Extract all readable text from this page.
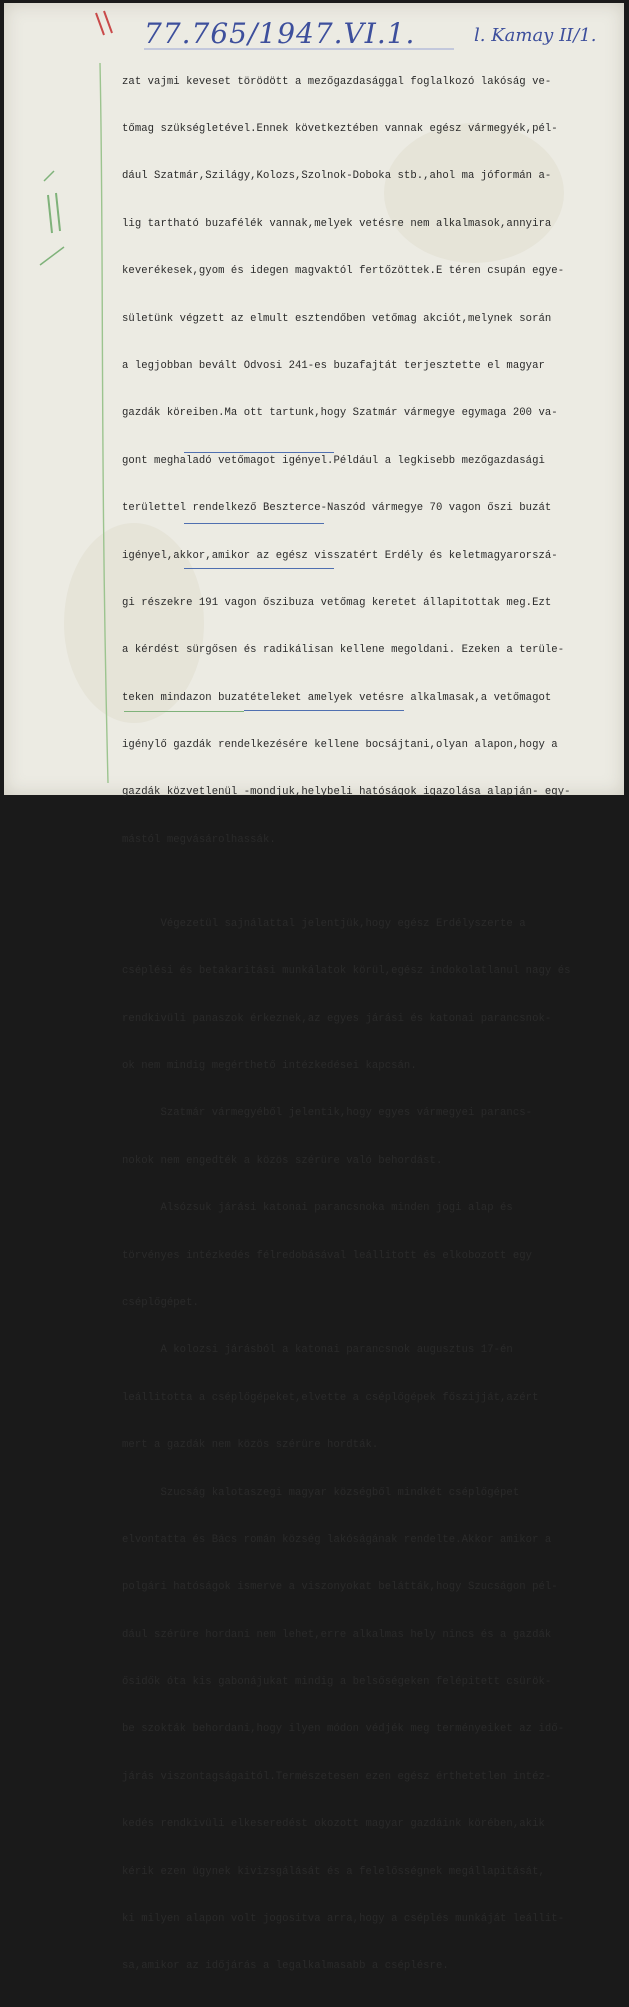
77.765/1947.VI.1.	l. Kamay II/1.

zat vajmi keveset törödött a mezőgazdasággal foglalkozó lakóság ve-

tőmag szükségletével.Ennek következtében vannak egész vármegyék,pél-

dául Szatmár,Szilágy,Kolozs,Szolnok-Doboka stb.,ahol ma jóformán a-

lig tartható buzafélék vannak,melyek vetésre nem alkalmasok,annyira

keverékesek,gyom és idegen magvaktól fertőzöttek.E téren csupán egye-

sületünk végzett az elmult esztendőben vetőmag akciót,melynek során

a legjobban bevált Odvosi 241-es buzafajtát terjesztette el magyar

gazdák köreiben.Ma ott tartunk,hogy Szatmár vármegye egymaga 200 va-

gont meghaladó vetőmagot igényel.Például a legkisebb mezőgazdasági

területtel rendelkező Beszterce-Naszód vármegye 70 vagon őszi buzát

igényel,akkor,amikor az egész visszatért Erdély és keletmagyarorszá-

gi részekre 191 vagon őszibuza vetőmag keretet állapitottak meg.Ezt

a kérdést sürgősen és radikálisan kellene megoldani. Ezeken a terüle-

teken mindazon buzatételeket amelyek vetésre alkalmasak,a vetőmagot

igénylő gazdák rendelkezésére kellene bocsájtani,olyan alapon,hogy a

gazdák közvetlenül -mondjuk,helybeli hatóságok igazolása alapján- egy-

mástól megvásárolhassák.

Végezetül sajnálattal jelentjük,hogy egész Erdélyszerte a

cséplési és betakaritási munkálatok körül,egész indokolatlanul nagy és

rendkivüli panaszok érkeznek,az egyes járási és katonai parancsnok-

ok nem mindig megérthető intézkedései kapcsán.

Szatmár vármegyéből jelentik,hogy egyes vármegyei parancs-

nokok nem engedték a közös szérüre való behordást.

Alsózsuk járási katonai parancsnoka minden jogi alap és

törvényes intézkedés félredobásával leállitott és elkobozott egy

cséplőgépet.

A kolozsi járásból a katonai parancsnok augusztus 17-én

leállitotta a cséplőgépeket,elvette a cséplőgépek főszijját,azért

mert a gazdák nem közös szérüre hordták.

Szucság kalotaszegi magyar községből mindkét cséplőgépet

elvontatta és Bács román község lakóságának rendelte.Akkor amikor a

polgári hatóságok ismerve a viszonyokat belátták,hogy Szucságon pél-

dául szérüre hordani nem lehet,erre alkalmas hely nincs és a gazdák

ősidők óta kis gabonájukat mindig a belsőségeken felépitett csürök-

be szokták behordani,hogy ilyen módon védjék meg terményeiket az idő-

járás viszontagságaitól.Természetesen ezen egész érthetetlen intéz-

kedés rendkivüli elkeseredést okozott magyar gazdáink körében,akik

kérik ezen ügynek kivizsgálását és a felelősségnek megállapitását,

ki milyen alapon volt jogositva arra,hogy a cséplés munkáját leállit-

sa,amikor az időjárás a legalkalmasabb a cséplésre.
